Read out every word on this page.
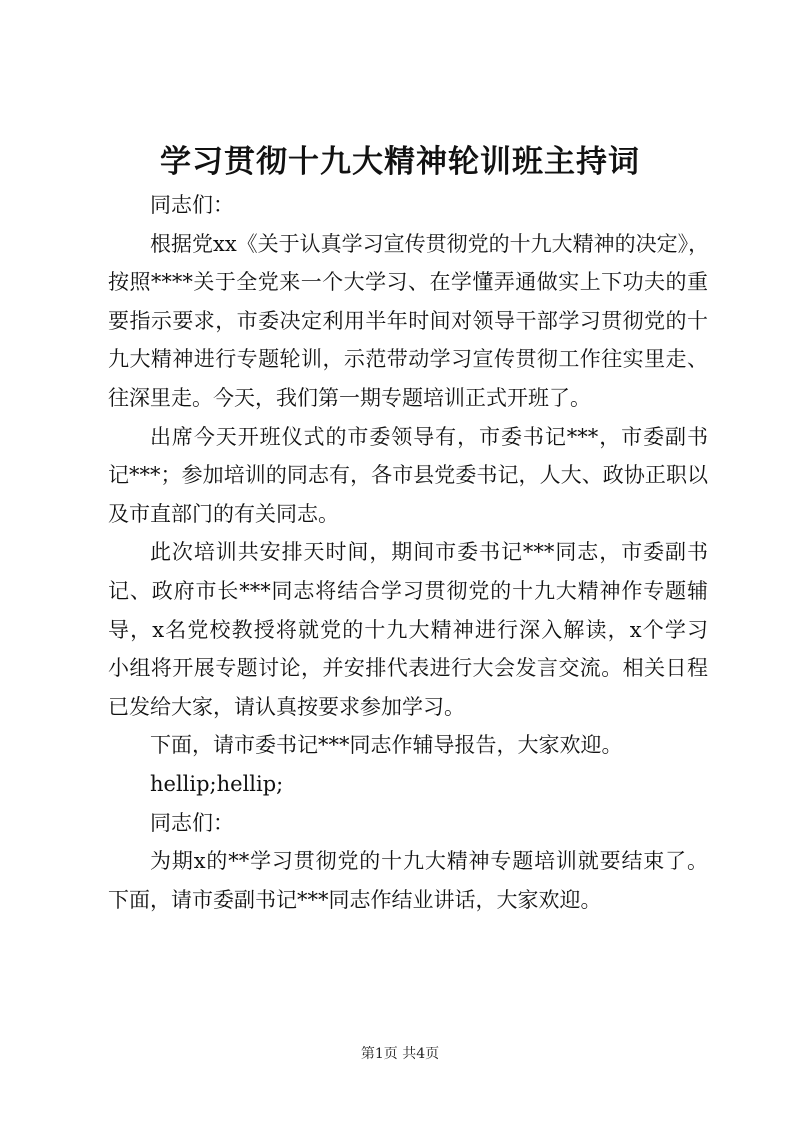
学习贯彻十九大精神轮训班主持词
同志们：
根据党xx《关于认真学习宣传贯彻党的十九大精神的决定》，
按照****关于全党来一个大学习、在学懂弄通做实上下功夫的重
要指示要求，市委决定利用半年时间对领导干部学习贯彻党的十
九大精神进行专题轮训，示范带动学习宣传贯彻工作往实里走、
往深里走。今天，我们第一期专题培训正式开班了。
出席今天开班仪式的市委领导有，市委书记***，市委副书
记***；参加培训的同志有，各市县党委书记，人大、政协正职以
及市直部门的有关同志。
此次培训共安排天时间，期间市委书记***同志，市委副书
记、政府市长***同志将结合学习贯彻党的十九大精神作专题辅
导，x名党校教授将就党的十九大精神进行深入解读，x个学习
小组将开展专题讨论，并安排代表进行大会发言交流。相关日程
已发给大家，请认真按要求参加学习。
下面，请市委书记***同志作辅导报告，大家欢迎。
hellip;hellip;
同志们：
为期x的**学习贯彻党的十九大精神专题培训就要结束了。
下面，请市委副书记***同志作结业讲话，大家欢迎。
第1页 共4页
